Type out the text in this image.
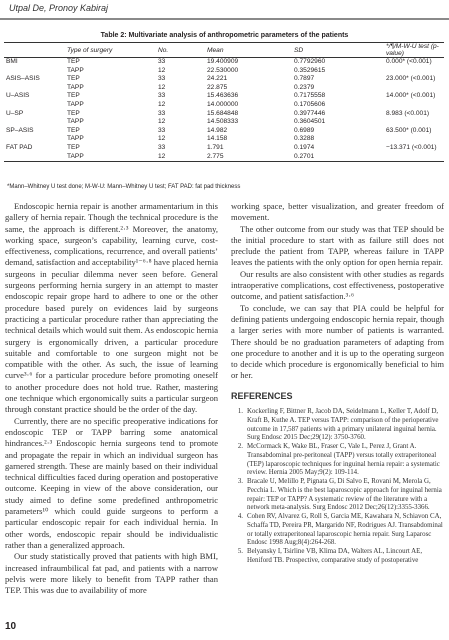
Utpal De, Pronoy Kabiraj
Table 2: Multivariate analysis of anthropometric parameters of the patients
	Type of surgery	No.	Mean	SD	*/¶/M-W-U test (p-value)
BMI	TEP	33	19.400909	0.7792960	0.000* (<0.001)
	TAPP	12	22.530000	0.3529615	
ASIS–ASIS	TEP	33	24.221	0.7897	23.000* (<0.001)
	TAPP	12	22.875	0.2379	
U–ASIS	TEP	33	15.463636	0.7175558	14.000* (<0.001)
	TAPP	12	14.000000	0.1705606	
U–SP	TEP	33	15.684848	0.3977446	8.983 (<0.001)
	TAPP	12	14.508333	0.3604501	
SP–ASIS	TEP	33	14.982	0.6989	63.500* (0.001)
	TAPP	12	14.158	0.3288	
FAT PAD	TEP	33	1.791	0.1974	−13.371 (<0.001)
	TAPP	12	2.775	0.2701	
*Mann–Whitney U test done; M-W-U: Mann–Whitney U test; FAT PAD: fat pad thickness

Endoscopic hernia repair is another armamentarium in this gallery of hernia repair. Though the technical procedure is the same, the approach is different.²·³ Moreover, the anatomy, working space, surgeon’s capability, learning curve, cost-effectiveness, complications, recurrence, and overall patients’ demand, satisfaction and acceptability¹⁻⁶·⁸ have placed hernia surgeons in peculiar dilemma never seen before. General surgeons performing hernia surgery in an attempt to master endoscopic repair grope hard to adhere to one or the other procedure based purely on evidences laid by surgeons practicing a particular procedure rather than appreciating the technical details which would suit them. As endoscopic hernia surgery is ergonomically driven, a particular procedure suitable and comfortable to one surgeon might not be compatible with the other. As such, the issue of learning curve³·⁶ for a particular procedure before promoting oneself to another procedure does not hold true. Rather, mastering one technique which ergonomically suits a particular surgeon through constant practice should be the order of the day.

Currently, there are no specific preoperative indications for endoscopic TEP or TAPP barring some anatomical hindrances.²·³ Endoscopic hernia surgeons tend to promote and propagate the repair in which an individual surgeon has garnered strength. These are mainly based on their individual technical difficulties faced during operation and postoperative outcome. Keeping in view of the above consideration, our study aimed to define some predefined anthropometric parameters¹⁰ which could guide surgeons to perform a particular endoscopic repair for each individual hernia. In other words, endoscopic repair should be individualistic rather than a generalized approach.

Our study statistically proved that patients with high BMI, increased infraumbilical fat pad, and patients with a narrow pelvis were more likely to benefit from TAPP rather than TEP. This was due to availability of more

working space, better visualization, and greater freedom of movement.

The other outcome from our study was that TEP should be the initial procedure to start with as failure still does not preclude the patient from TAPP, whereas failure in TAPP leaves the patients with the only option for open hernia repair.

Our results are also consistent with other studies as regards intraoperative complications, cost effectiveness, postoperative outcome, and patient satisfaction.³·⁶

To conclude, we can say that PIA could be helpful for defining patients undergoing endoscopic hernia repair, though a larger series with more number of patients is warranted. There should be no graduation parameters of adapting from one procedure to another and it is up to the operating surgeon to decide which procedure is ergonomically beneficial to him or her.

REFERENCES
1. Kockerling F, Bittner R, Jacob DA, Seidelmann L, Keller T, Adolf D, Kraft B, Kuthe A. TEP versus TAPP: comparison of the perioperative outcome in 17,587 patients with a primary unilateral inguinal hernia. Surg Endosc 2015 Dec;29(12): 3750-3760.
2. McCormack K, Wake BL, Fraser C, Vale L, Perez J, Grant A. Transabdominal pre-peritoneal (TAPP) versus totally extraperitoneal (TEP) laparoscopic techniques for inguinal hernia repair: a systematic review. Hernia 2005 May;9(2): 109-114.
3. Bracale U, Melillo P, Pignata G, Di Salvo E, Rovani M, Merola G, Pecchia L. Which is the best laparoscopic approach for inguinal hernia repair: TEP or TAPP? A systematic review of the literature with a network meta-analysis. Surg Endosc 2012 Dec;26(12):3355-3366.
4. Cohen RV, Alvarez G, Roll S, Garcia ME, Kawahara N, Schiavon CA, Schaffa TD, Pereira PR, Margarido NF, Rodrigues AJ. Transabdominal or totally extraperitoneal laparoscopic hernia repair. Surg Laparosc Endosc 1998 Aug;8(4):264-268.
5. Belyansky I, Tsirline VB, Klima DA, Walters AL, Lincourt AE, Heniford TB. Prospective, comparative study of postoperative
10
